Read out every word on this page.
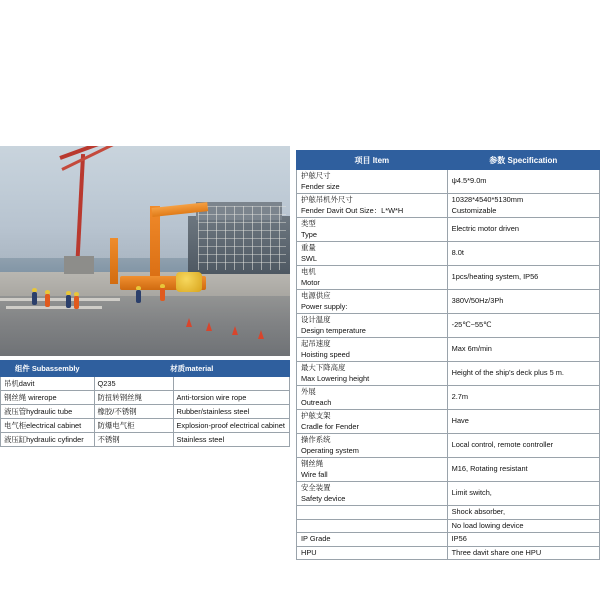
组件 Subassembly	材质material	
吊机davit	Q235	
钢丝绳 wirerope	防扭转钢丝绳	Anti-torsion wire rope
液压管hydraulic tube	橡胶/不锈钢	Rubber/stainless steel
电气柜electrical cabinet	防爆电气柜	Explosion-proof electrical cabinet
液压缸hydraulic cyfinder	不锈钢	Stainless steel
项目 Item	参数 Specification

护舷尺寸
Fender size	ψ4.5*9.0m

护舷吊机外尺寸
Fender Davit Out Size：L*W*H	10328*4540*5130mm
Customizable

类型
Type	Electric motor driven

重量
SWL	8.0t

电机
Motor	1pcs/heating system, IP56

电源供应
Power supply:	380V/50Hz/3Ph

设计温度
Design temperature	-25℃~55℃

起吊速度
Hoisting speed	Max 6m/min

最大下降高度
Max Lowering height	Height of the ship's deck plus 5 m.

外展
Outreach	2.7m

护舷支架
Cradle for Fender	Have

操作系统
Operating system	Local control, remote controller

钢丝绳
Wire fall	M16, Rotating resistant

安全装置
Safety device	Limit switch,

	Shock absorber,

	No load lowing device

IP Grade	IP56

HPU	Three davit share one HPU
